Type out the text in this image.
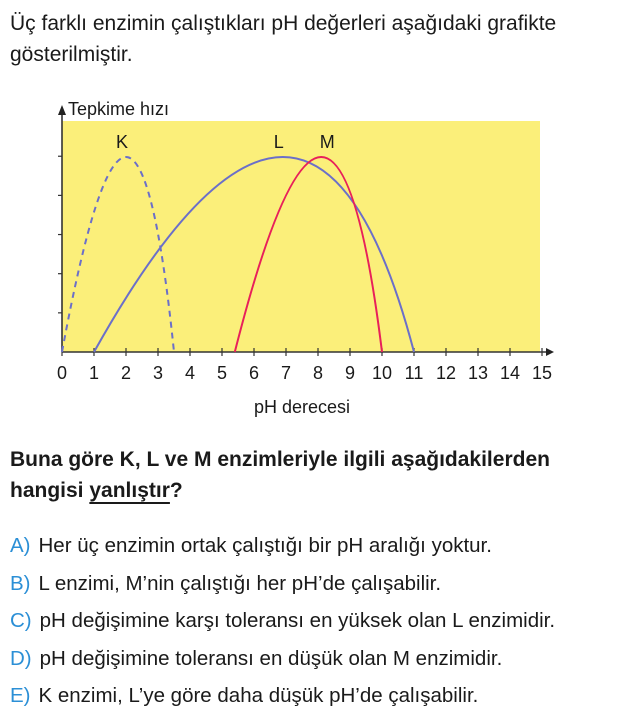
Üç farklı enzimin çalıştıkları pH değerleri aşağıdaki grafikte gösterilmiştir.

0 1 2 3 4 5 6 7 8 9 10 11 12 13 14 15
K	L M
Tepkime hızı
pH derecesi

Buna göre K, L ve M enzimleriyle ilgili aşağıdakilerden hangisi yanlıştır?

A) Her üç enzimin ortak çalıştığı bir pH aralığı yoktur.
B) L enzimi, M’nin çalıştığı her pH’de çalışabilir.
C) pH değişimine karşı toleransı en yüksek olan L enzimidir.
D) pH değişimine toleransı en düşük olan M enzimidir.
E) K enzimi, L’ye göre daha düşük pH’de çalışabilir.
